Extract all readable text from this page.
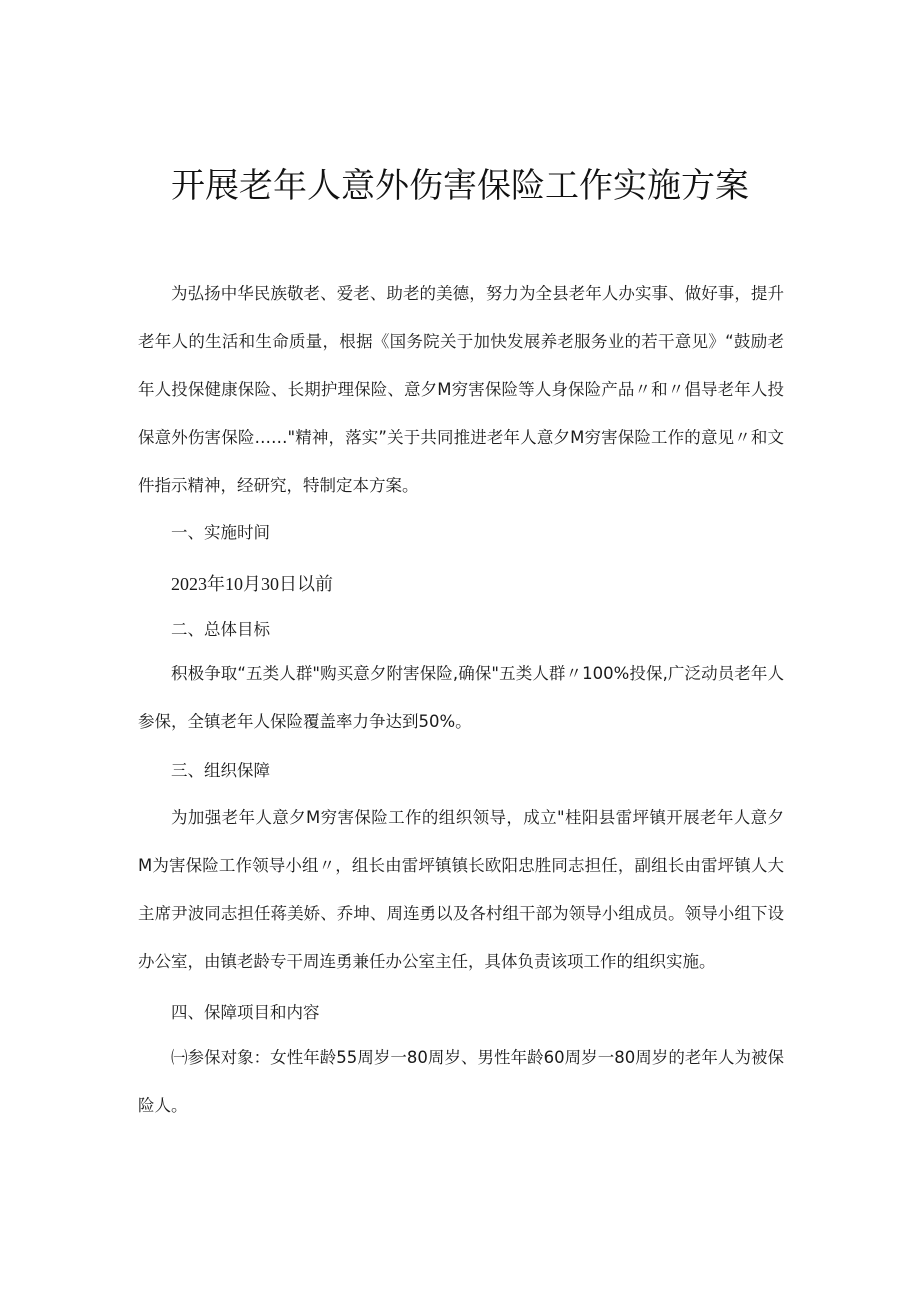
开展老年人意外伤害保险工作实施方案

为弘扬中华民族敬老、爱老、助老的美德，努力为全县老年人办实事、做好事，提升老年人的生活和生命质量，根据《国务院关于加快发展养老服务业的若干意见》“鼓励老年人投保健康保险、长期护理保险、意夕M穷害保险等人身保险产品〃和〃倡导老年人投保意外伤害保险……"精神，落实”关于共同推进老年人意夕M穷害保险工作的意见〃和文件指示精神，经研究，特制定本方案。

一、实施时间

2023年10月30日以前

二、总体目标

积极争取“五类人群"购买意夕附害保险,确保"五类人群〃100%投保,广泛动员老年人参保，全镇老年人保险覆盖率力争达到50%。

三、组织保障

为加强老年人意夕M穷害保险工作的组织领导，成立"桂阳县雷坪镇开展老年人意夕M为害保险工作领导小组〃，组长由雷坪镇镇长欧阳忠胜同志担任，副组长由雷坪镇人大主席尹波同志担任蒋美娇、乔坤、周连勇以及各村组干部为领导小组成员。领导小组下设办公室，由镇老龄专干周连勇兼任办公室主任，具体负责该项工作的组织实施。

四、保障项目和内容

㈠参保对象：女性年龄55周岁一80周岁、男性年龄60周岁一80周岁的老年人为被保险人。
